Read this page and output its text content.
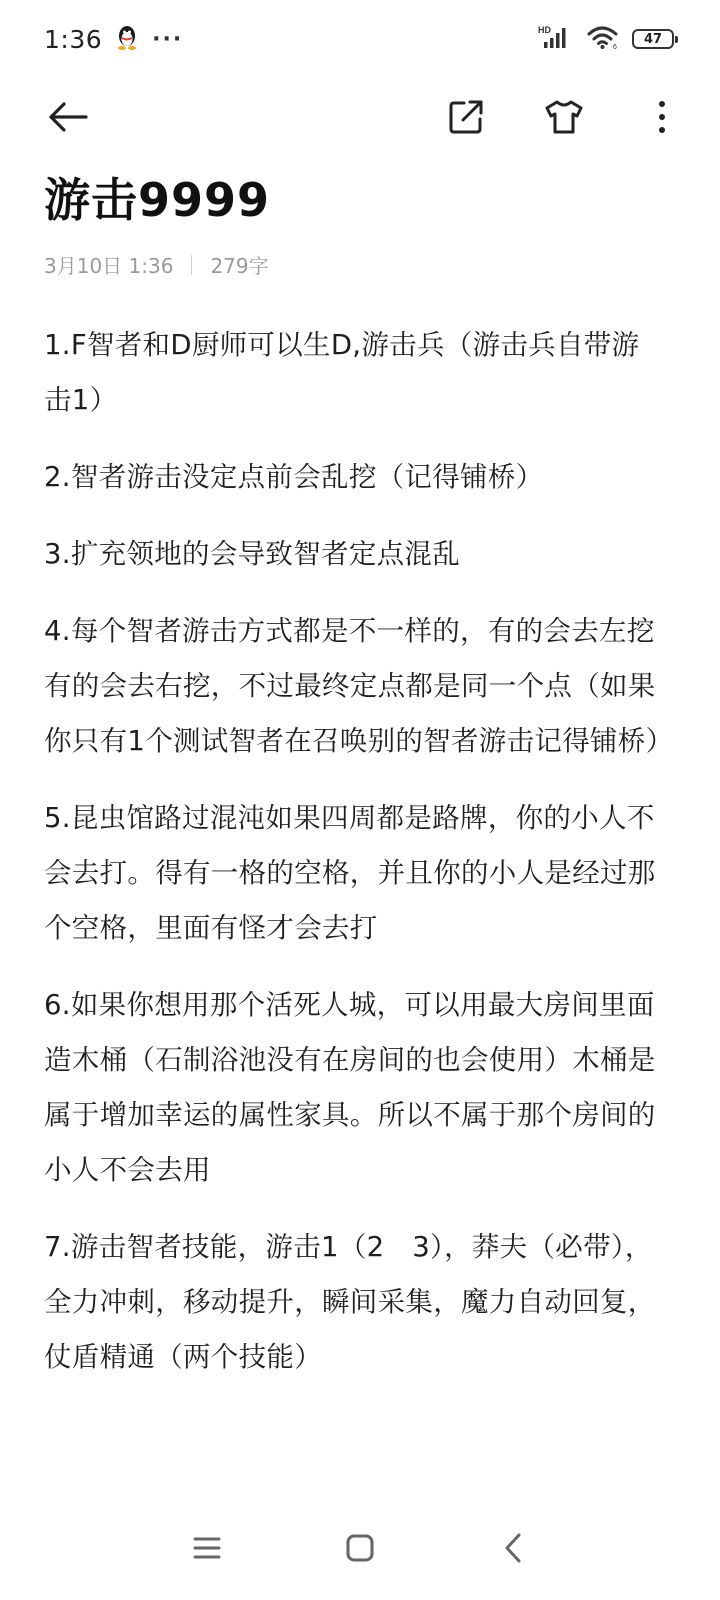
1:36 ···	HD
6
47
游击9999
3月10日 1:36 279字

1.F智者和D厨师可以生D,游击兵（游击兵自带游击1）

2.智者游击没定点前会乱挖（记得铺桥）

3.扩充领地的会导致智者定点混乱

4.每个智者游击方式都是不一样的，有的会去左挖有的会去右挖，不过最终定点都是同一个点（如果你只有1个测试智者在召唤别的智者游击记得铺桥）

5.昆虫馆路过混沌如果四周都是路牌，你的小人不会去打。得有一格的空格，并且你的小人是经过那个空格，里面有怪才会去打

6.如果你想用那个活死人城，可以用最大房间里面造木桶（石制浴池没有在房间的也会使用）木桶是属于增加幸运的属性家具。所以不属于那个房间的小人不会去用

7.游击智者技能，游击1（2　3），莽夫（必带），全力冲刺，移动提升，瞬间采集，魔力自动回复，仗盾精通（两个技能）
